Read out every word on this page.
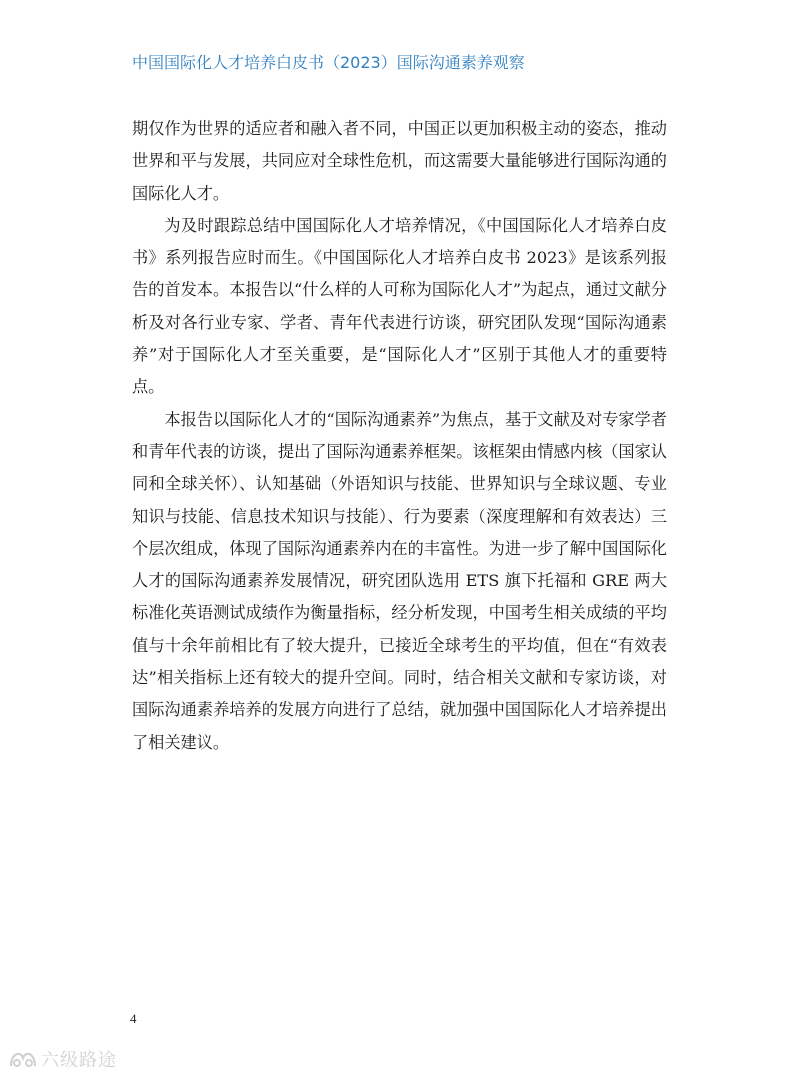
中国国际化人才培养白皮书（2023）国际沟通素养观察

期仅作为世界的适应者和融入者不同，中国正以更加积极主动的姿态，推动世界和平与发展，共同应对全球性危机，而这需要大量能够进行国际沟通的国际化人才。

为及时跟踪总结中国国际化人才培养情况，《中国国际化人才培养白皮书》系列报告应时而生。《中国国际化人才培养白皮书 2023》是该系列报告的首发本。本报告以“什么样的人可称为国际化人才”为起点，通过文献分析及对各行业专家、学者、青年代表进行访谈，研究团队发现“国际沟通素养”对于国际化人才至关重要，是“国际化人才”区别于其他人才的重要特点。

本报告以国际化人才的“国际沟通素养”为焦点，基于文献及对专家学者和青年代表的访谈，提出了国际沟通素养框架。该框架由情感内核（国家认同和全球关怀）、认知基础（外语知识与技能、世界知识与全球议题、专业知识与技能、信息技术知识与技能）、行为要素（深度理解和有效表达）三个层次组成，体现了国际沟通素养内在的丰富性。为进一步了解中国国际化人才的国际沟通素养发展情况，研究团队选用 ETS 旗下托福和 GRE 两大标准化英语测试成绩作为衡量指标，经分析发现，中国考生相关成绩的平均值与十余年前相比有了较大提升，已接近全球考生的平均值，但在“有效表达”相关指标上还有较大的提升空间。同时，结合相关文献和专家访谈，对国际沟通素养培养的发展方向进行了总结，就加强中国国际化人才培养提出了相关建议。

4
六级路途
